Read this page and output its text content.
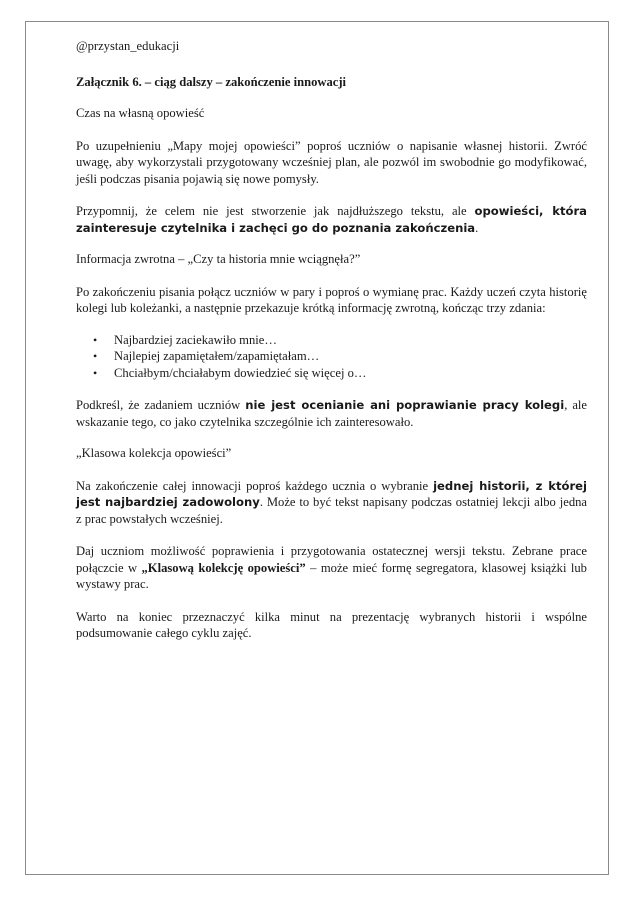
@przystan_edukacji

Załącznik 6. – ciąg dalszy – zakończenie innowacji

Czas na własną opowieść

Po uzupełnieniu „Mapy mojej opowieści” poproś uczniów o napisanie własnej historii. Zwróć uwagę, aby wykorzystali przygotowany wcześniej plan, ale pozwól im swobodnie go modyfikować, jeśli podczas pisania pojawią się nowe pomysły.

Przypomnij, że celem nie jest stworzenie jak najdłuższego tekstu, ale opowieści, która zainteresuje czytelnika i zachęci go do poznania zakończenia.

Informacja zwrotna – „Czy ta historia mnie wciągnęła?”

Po zakończeniu pisania połącz uczniów w pary i poproś o wymianę prac. Każdy uczeń czyta historię kolegi lub koleżanki, a następnie przekazuje krótką informację zwrotną, kończąc trzy zdania:

• Najbardziej zaciekawiło mnie…
• Najlepiej zapamiętałem/zapamiętałam…
• Chciałbym/chciałabym dowiedzieć się więcej o…

Podkreśl, że zadaniem uczniów nie jest ocenianie ani poprawianie pracy kolegi, ale wskazanie tego, co jako czytelnika szczególnie ich zainteresowało.

„Klasowa kolekcja opowieści”

Na zakończenie całej innowacji poproś każdego ucznia o wybranie jednej historii, z której jest najbardziej zadowolony. Może to być tekst napisany podczas ostatniej lekcji albo jedna z prac powstałych wcześniej.

Daj uczniom możliwość poprawienia i przygotowania ostatecznej wersji tekstu. Zebrane prace połączcie w „Klasową kolekcję opowieści” – może mieć formę segregatora, klasowej książki lub wystawy prac.

Warto na koniec przeznaczyć kilka minut na prezentację wybranych historii i wspólne podsumowanie całego cyklu zajęć.
